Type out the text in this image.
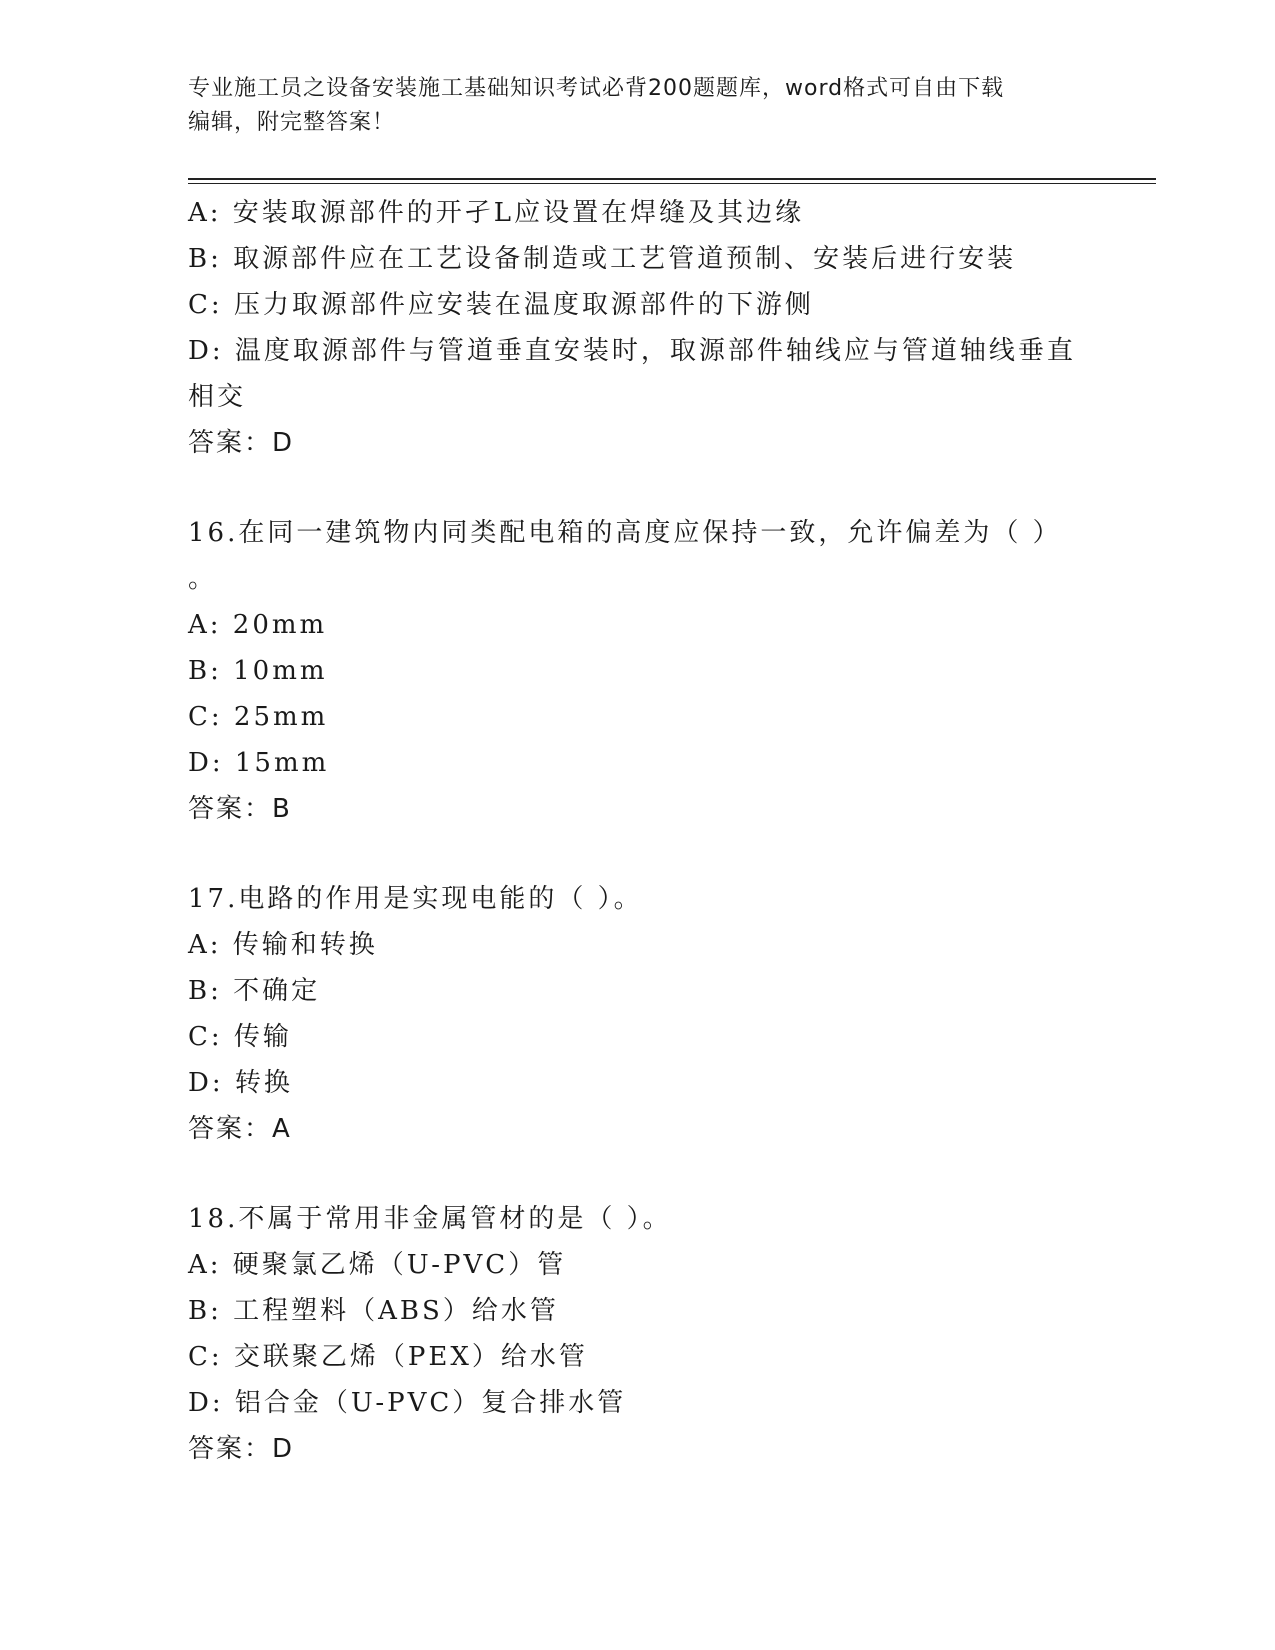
专业施工员之设备安装施工基础知识考试必背200题题库，word格式可自由下载
编辑，附完整答案！
A: 安装取源部件的开孑L应设置在焊缝及其边缘
B: 取源部件应在工艺设备制造或工艺管道预制、安装后进行安装
C: 压力取源部件应安装在温度取源部件的下游侧
D: 温度取源部件与管道垂直安装时，取源部件轴线应与管道轴线垂直
相交
答案：D
16.在同一建筑物内同类配电箱的高度应保持一致，允许偏差为（ ）
。
A: 20mm
B: 10mm
C: 25mm
D: 15mm
答案：B
17.电路的作用是实现电能的（ ）。
A: 传输和转换
B: 不确定
C: 传输
D: 转换
答案：A
18.不属于常用非金属管材的是（ ）。
A: 硬聚氯乙烯（U-PVC）管
B: 工程塑料（ABS）给水管
C: 交联聚乙烯（PEX）给水管
D: 铝合金（U-PVC）复合排水管
答案：D
